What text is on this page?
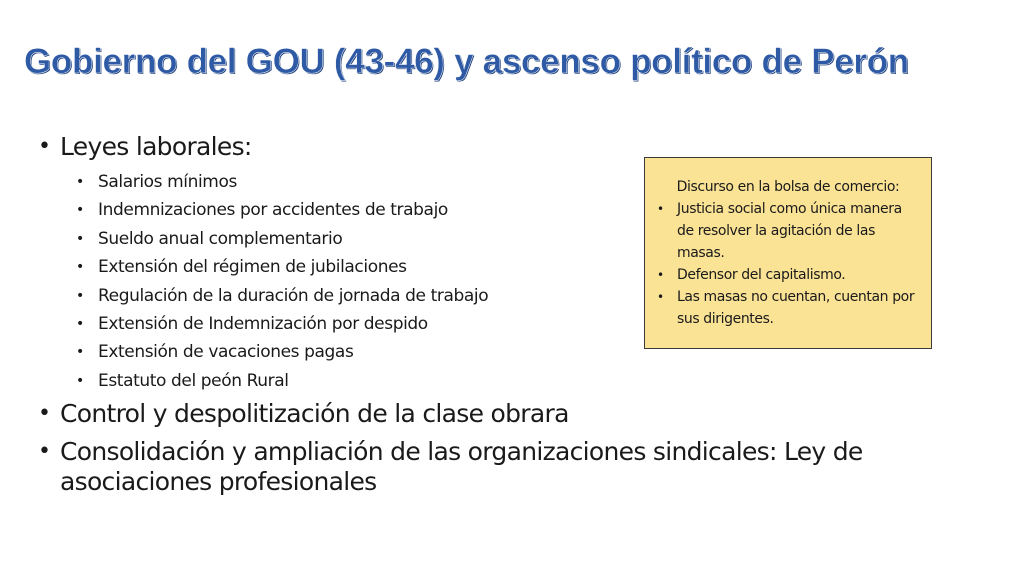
Gobierno del GOU (43-46) y ascenso político de Perón
• Leyes laborales:
• Salarios mínimos
• Indemnizaciones por accidentes de trabajo
• Sueldo anual complementario
• Extensión del régimen de jubilaciones
• Regulación de la duración de jornada de trabajo
• Extensión de Indemnización por despido
• Extensión de vacaciones pagas
• Estatuto del peón Rural
• Control y despolitización de la clase obrara
• Consolidación y ampliación de las organizaciones sindicales: Ley de asociaciones profesionales
Discurso en la bolsa de comercio:
• Justicia social como única manera de resolver la agitación de las masas.
• Defensor del capitalismo.
• Las masas no cuentan, cuentan por sus dirigentes.
